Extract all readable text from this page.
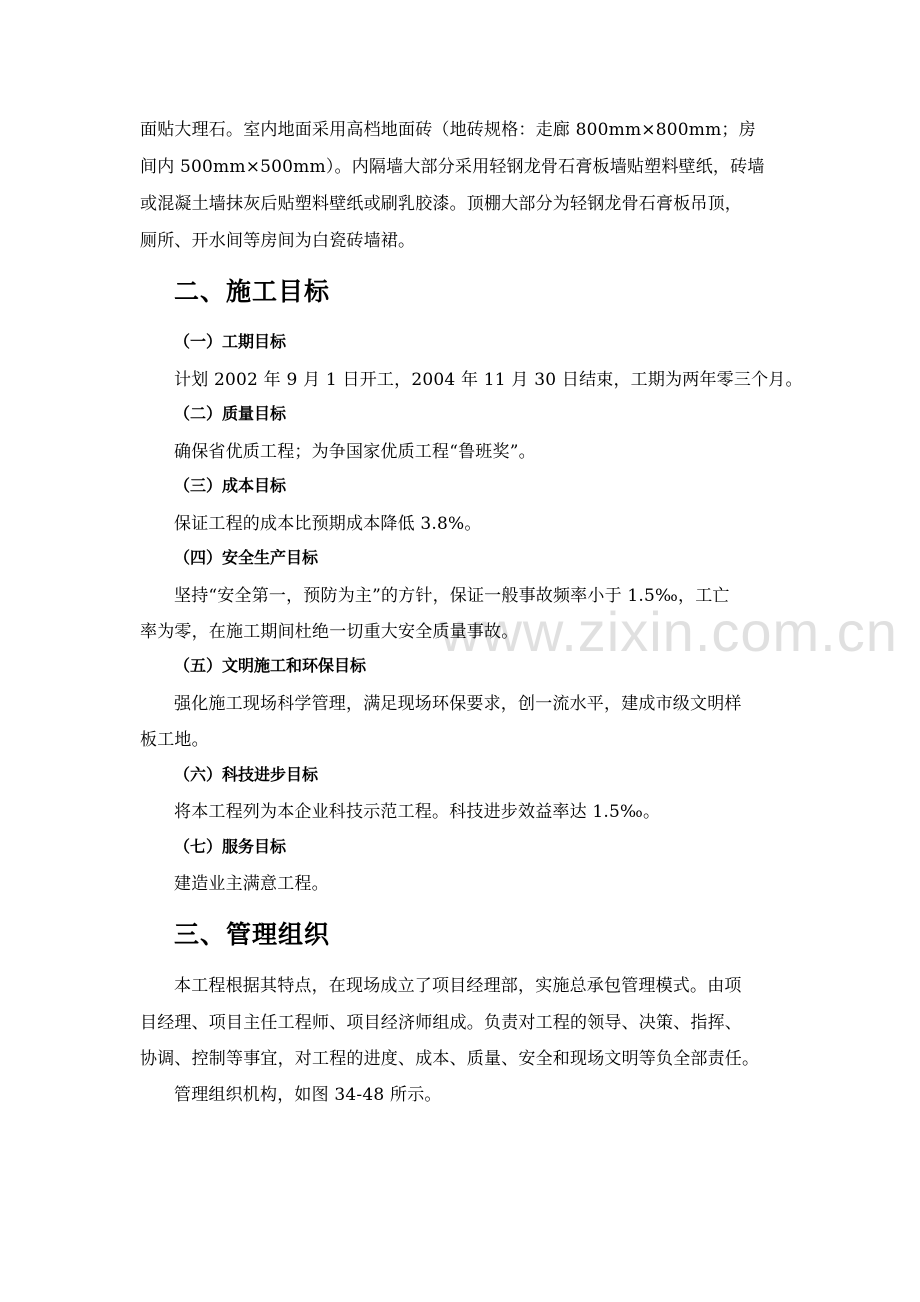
www.zixin.com.cn
面贴大理石。室内地面采用高档地面砖（地砖规格：走廊 800mm×800mm；房
间内 500mm×500mm）。内隔墙大部分采用轻钢龙骨石膏板墙贴塑料壁纸，砖墙
或混凝土墙抹灰后贴塑料壁纸或刷乳胶漆。顶棚大部分为轻钢龙骨石膏板吊顶，
厕所、开水间等房间为白瓷砖墙裙。
二、施工目标
（一）工期目标
计划 2002 年 9 月 1 日开工，2004 年 11 月 30 日结束，工期为两年零三个月。
（二）质量目标
确保省优质工程；为争国家优质工程“鲁班奖”。
（三）成本目标
保证工程的成本比预期成本降低 3.8%。
（四）安全生产目标
坚持“安全第一，预防为主”的方针，保证一般事故频率小于 1.5‰，工亡
率为零，在施工期间杜绝一切重大安全质量事故。
（五）文明施工和环保目标
强化施工现场科学管理，满足现场环保要求，创一流水平，建成市级文明样
板工地。
（六）科技进步目标
将本工程列为本企业科技示范工程。科技进步效益率达 1.5‰。
（七）服务目标
建造业主满意工程。
三、管理组织
本工程根据其特点，在现场成立了项目经理部，实施总承包管理模式。由项
目经理、项目主任工程师、项目经济师组成。负责对工程的领导、决策、指挥、
协调、控制等事宜，对工程的进度、成本、质量、安全和现场文明等负全部责任。
管理组织机构，如图 34-48 所示。
